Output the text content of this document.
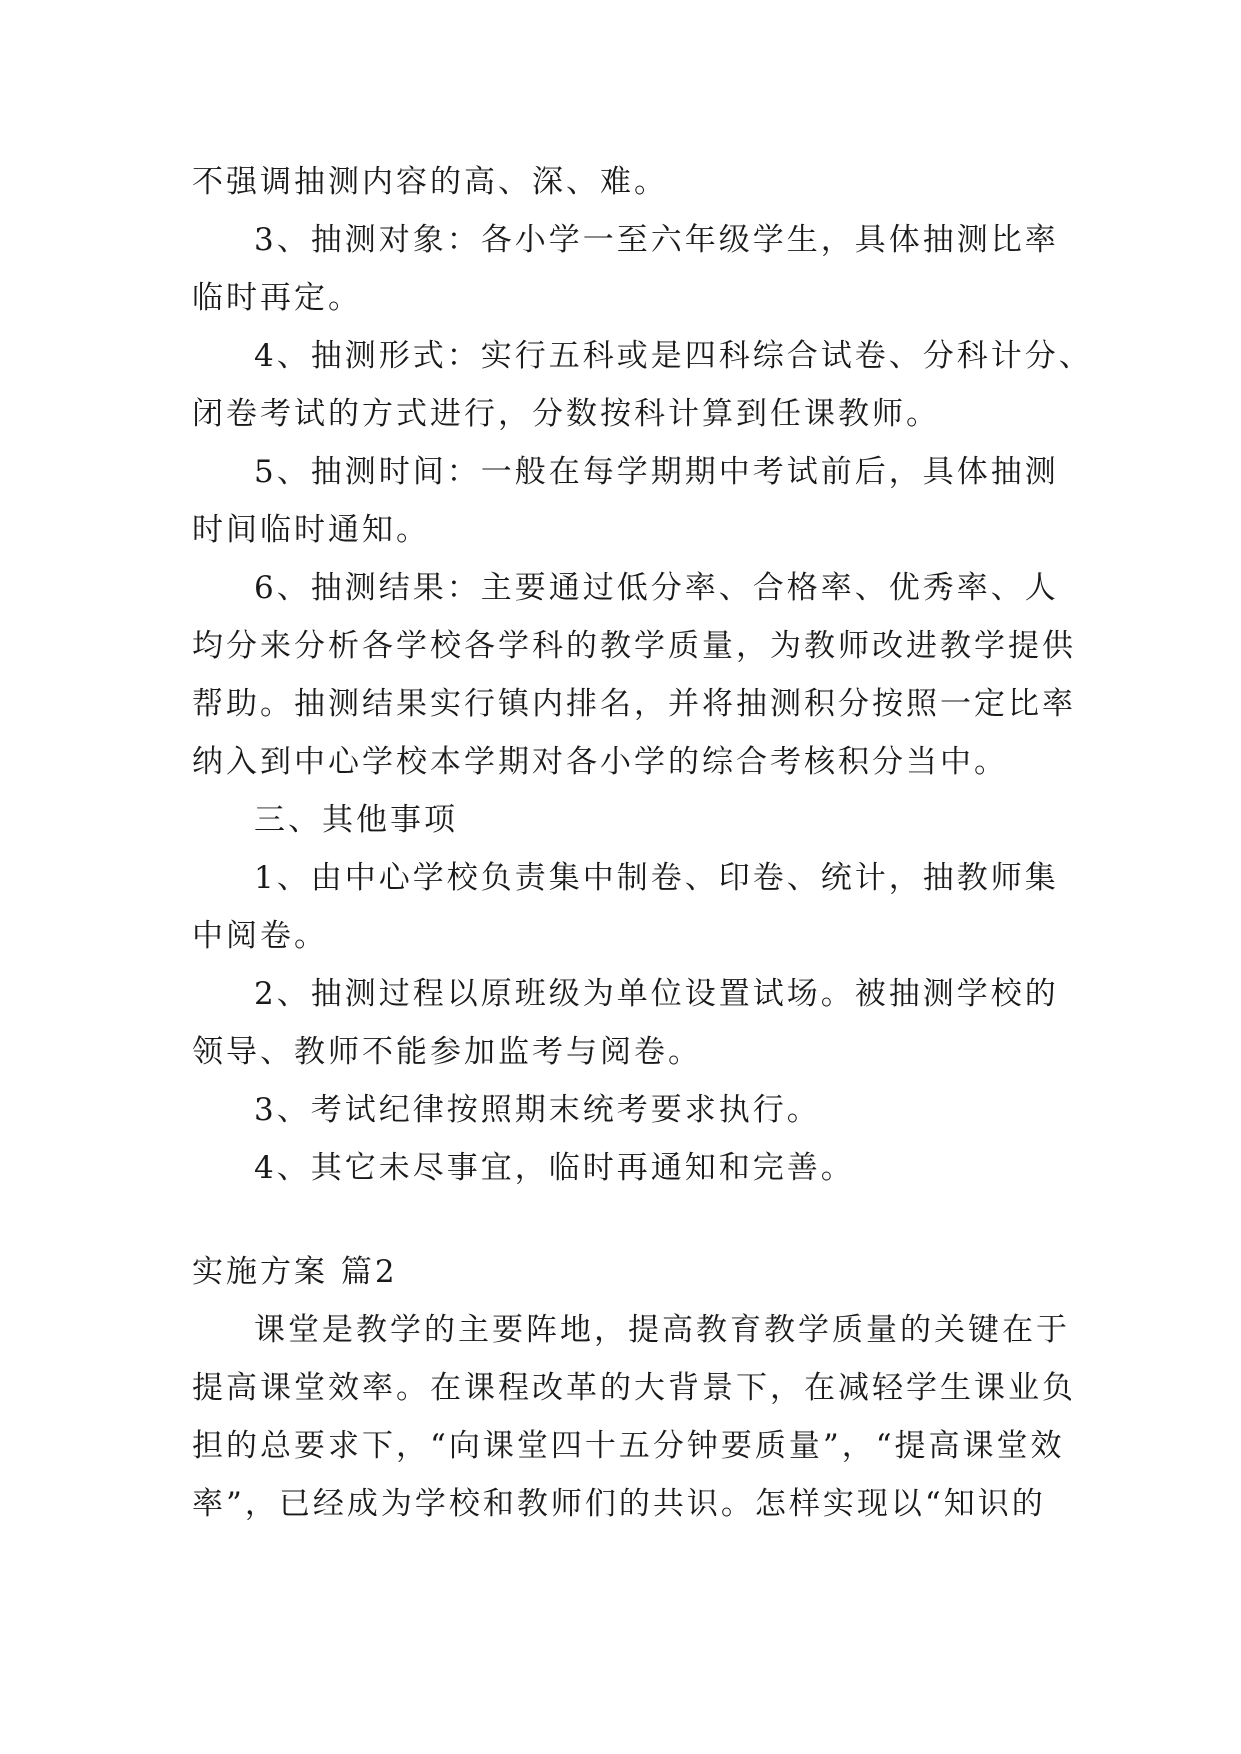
不强调抽测内容的高、深、难。
3、抽测对象：各小学一至六年级学生，具体抽测比率
临时再定。
4、抽测形式：实行五科或是四科综合试卷、分科计分、
闭卷考试的方式进行，分数按科计算到任课教师。
5、抽测时间：一般在每学期期中考试前后，具体抽测
时间临时通知。
6、抽测结果：主要通过低分率、合格率、优秀率、人
均分来分析各学校各学科的教学质量，为教师改进教学提供
帮助。抽测结果实行镇内排名，并将抽测积分按照一定比率
纳入到中心学校本学期对各小学的综合考核积分当中。
三、其他事项
1、由中心学校负责集中制卷、印卷、统计，抽教师集
中阅卷。
2、抽测过程以原班级为单位设置试场。被抽测学校的
领导、教师不能参加监考与阅卷。
3、考试纪律按照期末统考要求执行。
4、其它未尽事宜，临时再通知和完善。
实施方案 篇2
课堂是教学的主要阵地，提高教育教学质量的关键在于
提高课堂效率。在课程改革的大背景下，在减轻学生课业负
担的总要求下，“向课堂四十五分钟要质量”，“提高课堂效
率”，已经成为学校和教师们的共识。怎样实现以“知识的
